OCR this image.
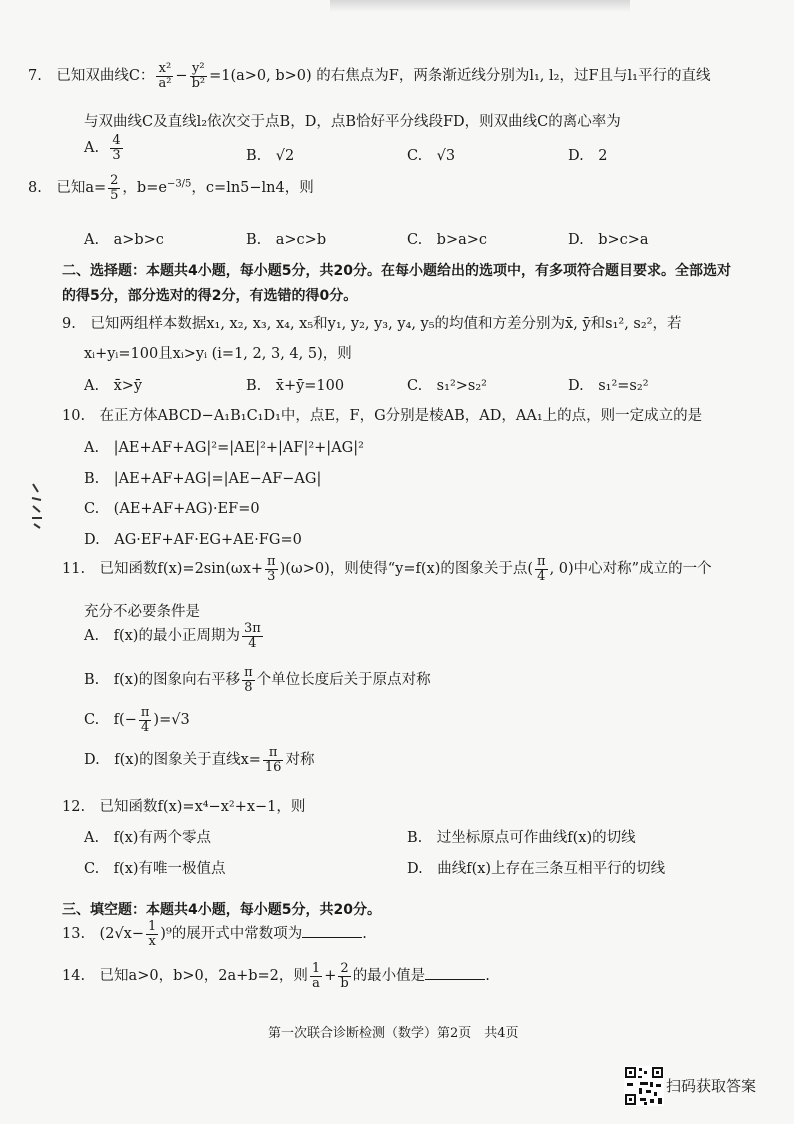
7.　已知双曲线C： $\frac{\text{x²}}{\text{a²}} - \frac{\text{y²}}{\text{b²}} =1(a>0$, b>0) 的右焦点为F，两条渐近线分别为l₁, l₂，过F且与l₁平行的直线
与双曲线C及直线l₂依次交于点B，D，点B恰好平分线段FD，则双曲线C的离心率为
A. $\frac{4}{3}$	B.　√2	C.　√3	D.　2
8.　已知$a= \frac{2}{5}$ ，$b=e^{-3/5}$，c=ln5−ln4，则
A.　a>b>c	B.　a>c>b	C.　b>a>c	D.　b>c>a
二、选择题：本题共4小题，每小题5分，共20分。在每小题给出的选项中，有多项符合题目要求。全部选对
的得5分，部分选对的得2分，有选错的得0分。
9.　已知两组样本数据x₁, x₂, x₃, x₄, x₅和y₁, y₂, y₃, y₄, y₅的均值和方差分别为x̄, ȳ和s₁², s₂²，若
xᵢ+yᵢ=100且xᵢ>yᵢ (i=1, 2, 3, 4, 5)，则
A.　x̄>ȳ	B.　x̄+ȳ=100	C.　s₁²>s₂²	D.　s₁²=s₂²
10.　在正方体ABCD−A₁B₁C₁D₁中，点E，F，G分别是棱AB，AD，AA₁上的点，则一定成立的是
A.　|AE+AF+AG|²=|AE|²+|AF|²+|AG|²
B.　|AE+AF+AG|=|AE−AF−AG|
C.　(AE+AF+AG)·EF=0
D.　AG·EF+AF·EG+AE·FG=0
11.　已知函数$f(x)=2\sin(\omega x+ \frac{\pi}{3} )(\omega>0)$，则使得“y=f(x)的图象关于点( $\frac{\pi}{4}$ , 0)中心对称”成立的一个
充分不必要条件是
A.　f(x)的最小正周期为 $\frac{3\pi}{4}$
B.　f(x)的图象向右平移 $\frac{\pi}{8}$ 个单位长度后关于原点对称
C.　$f(- \frac{\pi}{4} )=√3$
D.　f(x)的图象关于直线$x= \frac{\pi}{16}$ 对称
12.　已知函数f(x)=x⁴−x²+x−1，则
A.　f(x)有两个零点	B.　过坐标原点可作曲线f(x)的切线
C.　f(x)有唯一极值点	D.　曲线f(x)上存在三条互相平行的切线
三、填空题：本题共4小题，每小题5分，共20分。
13.　$(2√x- \frac{1}{x} )^9$的展开式中常数项为	.
14.　已知a>0，b>0，2a+b=2，则 $\frac{1}{a} + \frac{2}{b}$ 的最小值是	.
第一次联合诊断检测（数学）第2页　共4页
扫码获取答案
